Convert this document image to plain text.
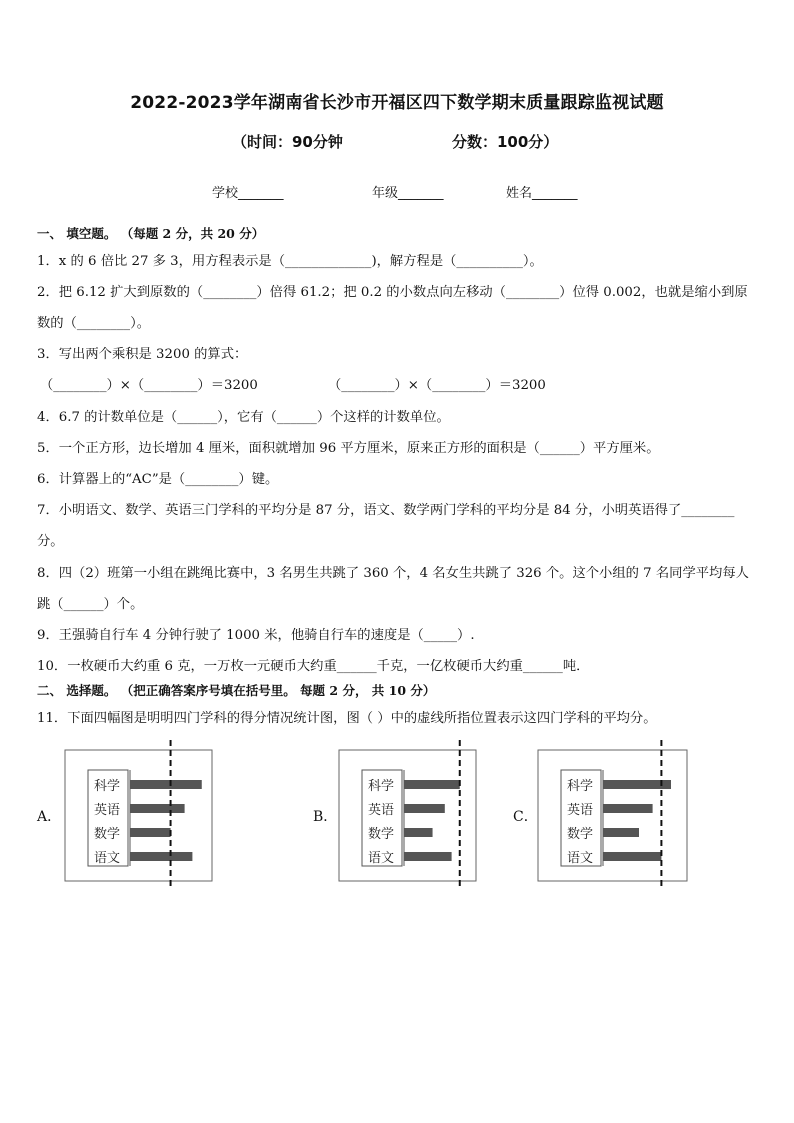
2022-2023学年湖南省长沙市开福区四下数学期末质量跟踪监视试题
（时间：90分钟	分数：100分）
学校_______	年级_______	姓名_______
一、 填空题。 （每题 2 分，共 20 分）
1．x 的 6 倍比 27 多 3，用方程表示是（_____________)，解方程是（__________）。
2．把 6.12 扩大到原数的（________）倍得 61.2；把 0.2 的小数点向左移动（________）位得 0.002，也就是缩小到原
数的（________）。
3．写出两个乘积是 3200 的算式：
（________）×（________）＝3200	（________）×（________）＝3200
4．6.7 的计数单位是（______），它有（______）个这样的计数单位。
5．一个正方形，边长增加 4 厘米，面积就增加 96 平方厘米，原来正方形的面积是（______）平方厘米。
6．计算器上的“AC”是（________）键。
7．小明语文、数学、英语三门学科的平均分是 87 分，语文、数学两门学科的平均分是 84 分，小明英语得了________
分。
8．四（2）班第一小组在跳绳比赛中，3 名男生共跳了 360 个，4 名女生共跳了 326 个。这个小组的 7 名同学平均每人
跳（______）个。
9．王强骑自行车 4 分钟行驶了 1000 米，他骑自行车的速度是（_____）.
10．一枚硬币大约重 6 克，一万枚一元硬币大约重______千克，一亿枚硬币大约重______吨．
二、 选择题。 （把正确答案序号填在括号里。 每题 2 分， 共 10 分）
11．下面四幅图是明明四门学科的得分情况统计图，图（ ）中的虚线所指位置表示这四门学科的平均分。
A．	B．	C．
科学
英语
数学
语文
科学
英语
数学
语文
科学
英语
数学
语文
